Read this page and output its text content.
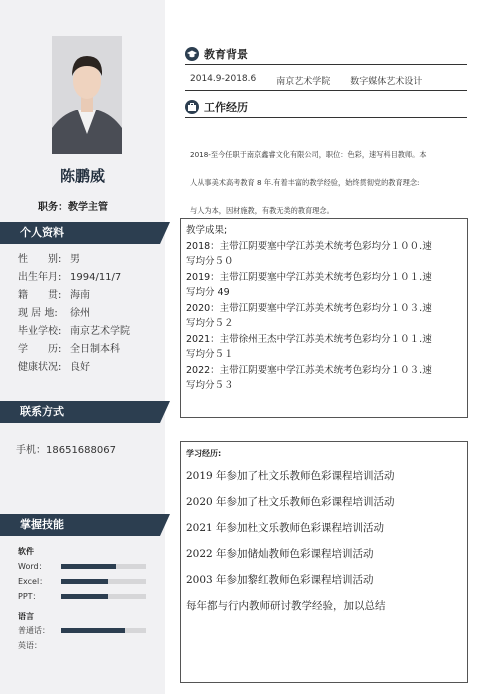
陈鹏威
职务：教学主管
个人资料
性　　别: 男
出生年月: 1994/11/7
籍　　贯: 海南
现 居 地:	徐州
毕业学校: 南京艺术学院
学　　历: 全日制本科
健康状况: 良好
联系方式
手机：18651688067
掌握技能
软件
Word：
Excel：
PPT：
语言
普通话：
英语：
教育背景
2014.9-2018.6 南京艺术学院 数字媒体艺术设计
工作经历
2018-至今任职于南京鑫睿文化有限公司，职位：色彩，速写科目教师。本
人从事美术高考教育 8 年.有着丰富的教学经验，始终贯彻党的教育理念:
与人为本，因材施教，有教无类的教育理念。
教学成果;
2018：主带江阴要塞中学江苏美术统考色彩均分１００.速
写均分５０
2019：主带江阴要塞中学江苏美术统考色彩均分１０１.速
写均分 49
2020：主带江阴要塞中学江苏美术统考色彩均分１０３.速
写均分５２
2021：主带徐州王杰中学江苏美术统考色彩均分１０１.速
写均分５１
2022：主带江阴要塞中学江苏美术统考色彩均分１０３.速
写均分５３
学习经历:
2019 年参加了杜文乐教师色彩课程培训活动
2020 年参加了杜文乐教师色彩课程培训活动
2021 年参加杜文乐教师色彩课程培训活动
2022 年参加储灿教师色彩课程培训活动
2003 年参加黎红教师色彩课程培训活动
每年都与行内教师研讨教学经验，加以总结
